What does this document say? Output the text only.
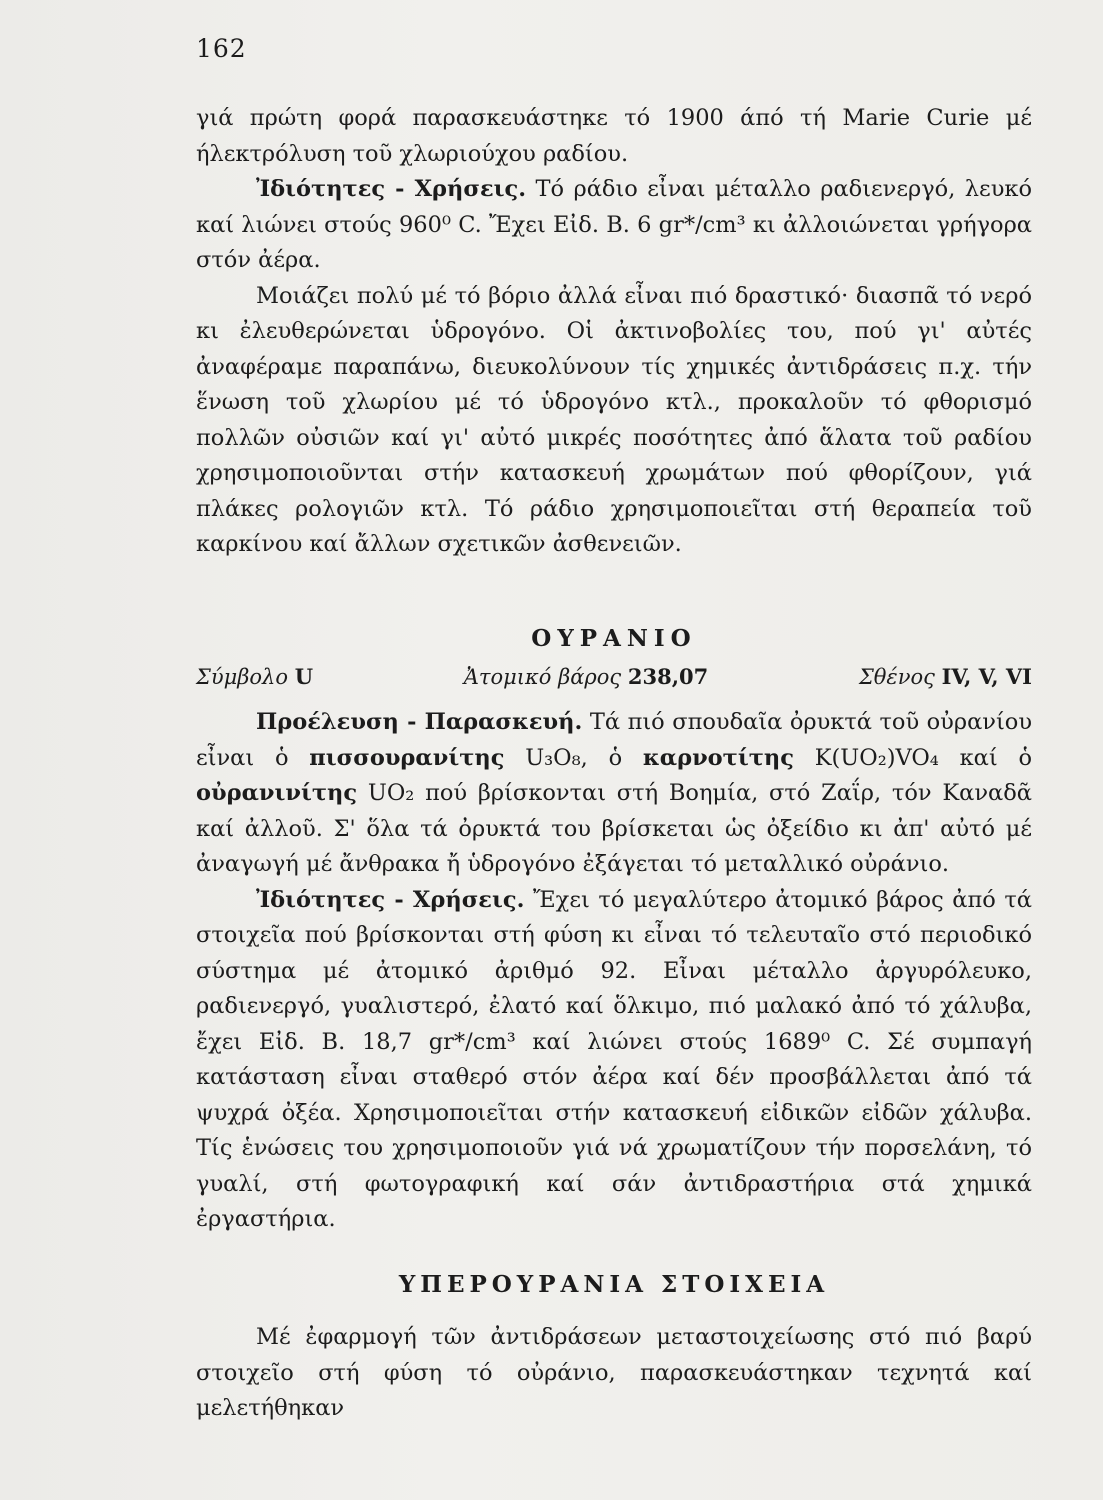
162

γιά πρώτη φορά παρασκευάστηκε τό 1900 άπό τή Marie Curie μέ ήλεκτρόλυση τοῦ χλωριούχου ραδίου.

Ἰδιότητες - Χρήσεις. Τό ράδιο εἶναι μέταλλο ραδιενεργό, λευκό καί λιώνει στούς 960⁰ C. Ἔχει Εἰδ. Β. 6 gr*/cm³ κι ἀλλοιώνεται γρήγορα στόν ἀέρα.

Μοιάζει πολύ μέ τό βόριο ἀλλά εἶναι πιό δραστικό· διασπᾶ τό νερό κι ἐλευθερώνεται ὑδρογόνο. Οἱ ἀκτινοβολίες του, πού γι' αὐτές ἀναφέραμε παραπάνω, διευκολύνουν τίς χημικές ἀντιδράσεις π.χ. τήν ἕνωση τοῦ χλωρίου μέ τό ὑδρογόνο κτλ., προκαλοῦν τό φθορισμό πολλῶν οὐσιῶν καί γι' αὐτό μικρές ποσότητες ἀπό ἅλατα τοῦ ραδίου χρησιμοποιοῦνται στήν κατασκευή χρωμάτων πού φθορίζουν, γιά πλάκες ρολογιῶν κτλ. Τό ράδιο χρησιμοποιεῖται στή θεραπεία τοῦ καρκίνου καί ἄλλων σχετικῶν ἀσθενειῶν.

ΟΥΡΑΝΙΟ
Σύμβολο U	Ἀτομικό βάρος 238,07	Σθένος IV, V, VI

Προέλευση - Παρασκευή. Τά πιό σπουδαῖα ὀρυκτά τοῦ οὐρανίου εἶναι ὁ πισσουρανίτης U₃O₈, ὁ καρνοτίτης K(UO₂)VO₄ καί ὁ οὐρανινίτης UO₂ πού βρίσκονται στή Βοημία, στό Ζαΐρ, τόν Καναδᾶ καί ἀλλοῦ. Σ' ὅλα τά ὀρυκτά του βρίσκεται ὡς ὀξείδιο κι ἀπ' αὐτό μέ ἀναγωγή μέ ἄνθρακα ἤ ὑδρογόνο ἐξάγεται τό μεταλλικό οὐράνιο.

Ἰδιότητες - Χρήσεις. Ἔχει τό μεγαλύτερο ἀτομικό βάρος ἀπό τά στοιχεῖα πού βρίσκονται στή φύση κι εἶναι τό τελευταῖο στό περιοδικό σύστημα μέ ἀτομικό ἀριθμό 92. Εἶναι μέταλλο ἀργυρόλευκο, ραδιενεργό, γυαλιστερό, ἐλατό καί ὅλκιμο, πιό μαλακό ἀπό τό χάλυβα, ἔχει Εἰδ. Β. 18,7 gr*/cm³ καί λιώνει στούς 1689⁰ C. Σέ συμπαγή κατάσταση εἶναι σταθερό στόν ἀέρα καί δέν προσβάλλεται ἀπό τά ψυχρά ὀξέα. Χρησιμοποιεῖται στήν κατασκευή εἰδικῶν εἰδῶν χάλυβα. Τίς ἑνώσεις του χρησιμοποιοῦν γιά νά χρωματίζουν τήν πορσελάνη, τό γυαλί, στή φωτογραφική καί σάν ἀντιδραστήρια στά χημικά ἐργαστήρια.

ΥΠΕΡΟΥΡΑΝΙΑ ΣΤΟΙΧΕΙΑ

Μέ ἐφαρμογή τῶν ἀντιδράσεων μεταστοιχείωσης στό πιό βαρύ στοιχεῖο στή φύση τό οὐράνιο, παρασκευάστηκαν τεχνητά καί μελετήθηκαν
